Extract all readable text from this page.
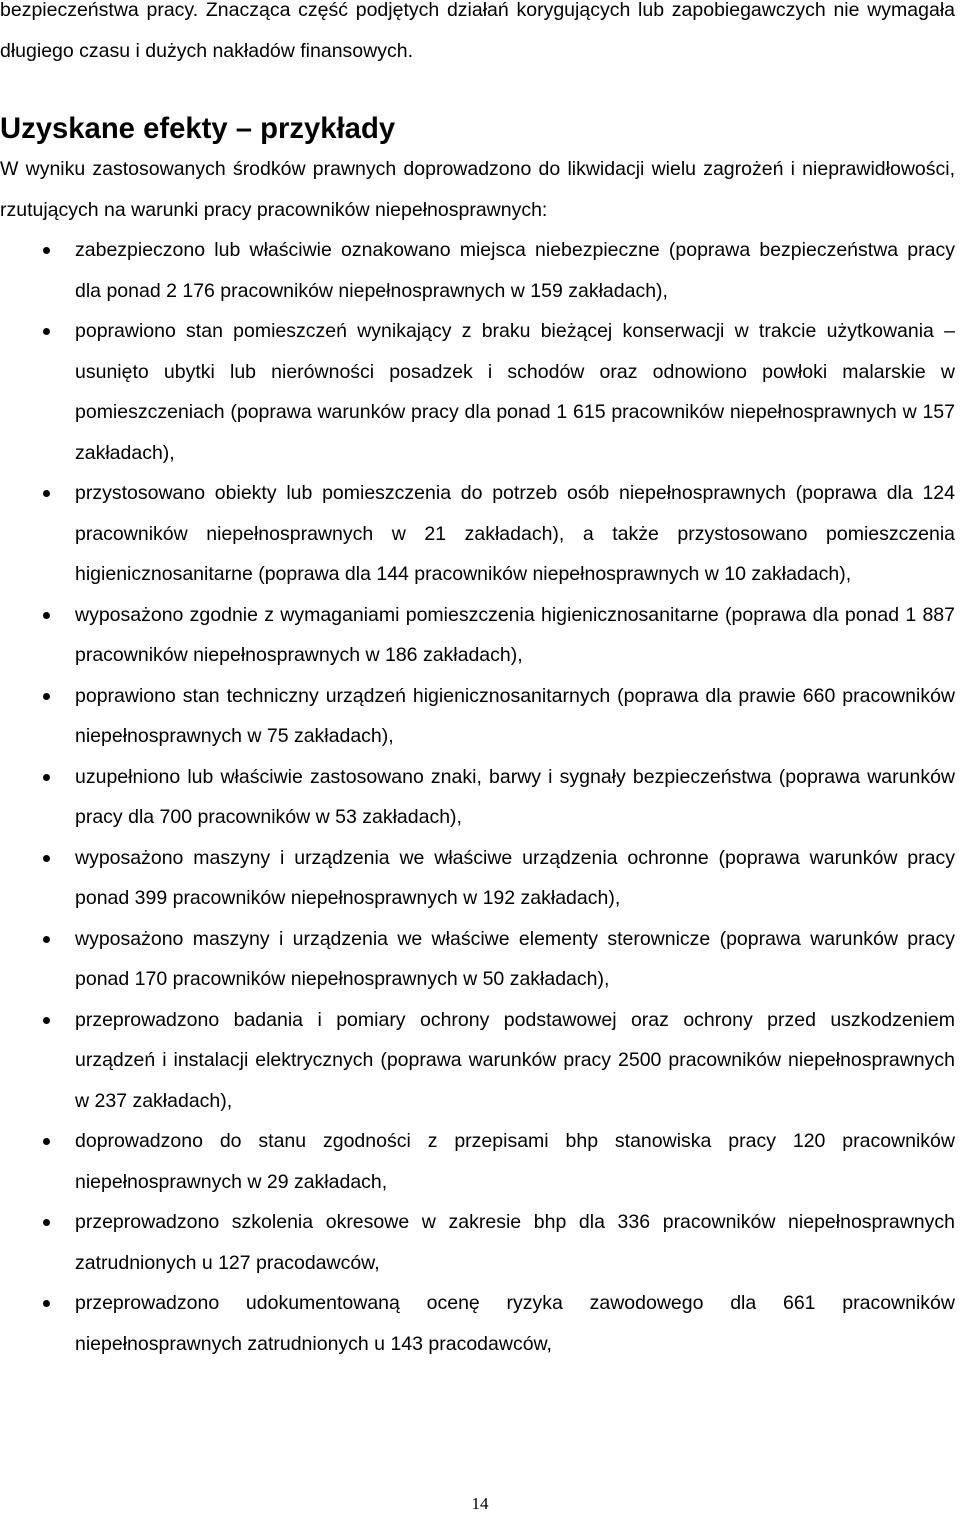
bezpieczeństwa pracy. Znacząca część podjętych działań korygujących lub zapobiegawczych nie wymagała długiego czasu i dużych nakładów finansowych.

Uzyskane efekty – przykłady

W wyniku zastosowanych środków prawnych doprowadzono do likwidacji wielu zagrożeń i nieprawidłowości, rzutujących na warunki pracy pracowników niepełnosprawnych:

zabezpieczono lub właściwie oznakowano miejsca niebezpieczne (poprawa bezpieczeństwa pracy dla ponad 2 176 pracowników niepełnosprawnych w 159 zakładach),
poprawiono stan pomieszczeń wynikający z braku bieżącej konserwacji w trakcie użytkowania – usunięto ubytki lub nierówności posadzek i schodów oraz odnowiono powłoki malarskie w pomieszczeniach (poprawa warunków pracy dla ponad 1 615 pracowników niepełnosprawnych w 157 zakładach),
przystosowano obiekty lub pomieszczenia do potrzeb osób niepełnosprawnych (poprawa dla 124 pracowników niepełnosprawnych w 21 zakładach), a także przystosowano pomieszczenia higienicznosanitarne (poprawa dla 144 pracowników niepełnosprawnych w 10 zakładach),
wyposażono zgodnie z wymaganiami pomieszczenia higienicznosanitarne (poprawa dla ponad 1 887 pracowników niepełnosprawnych w 186 zakładach),
poprawiono stan techniczny urządzeń higienicznosanitarnych (poprawa dla prawie 660 pracowników niepełnosprawnych w 75 zakładach),
uzupełniono lub właściwie zastosowano znaki, barwy i sygnały bezpieczeństwa (poprawa warunków pracy dla 700 pracowników w 53 zakładach),
wyposażono maszyny i urządzenia we właściwe urządzenia ochronne (poprawa warunków pracy ponad 399 pracowników niepełnosprawnych w 192 zakładach),
wyposażono maszyny i urządzenia we właściwe elementy sterownicze (poprawa warunków pracy ponad 170 pracowników niepełnosprawnych w 50 zakładach),
przeprowadzono badania i pomiary ochrony podstawowej oraz ochrony przed uszkodzeniem urządzeń i instalacji elektrycznych (poprawa warunków pracy 2500 pracowników niepełnosprawnych w 237 zakładach),
doprowadzono do stanu zgodności z przepisami bhp stanowiska pracy 120 pracowników niepełnosprawnych w 29 zakładach,
przeprowadzono szkolenia okresowe w zakresie bhp dla 336 pracowników niepełnosprawnych zatrudnionych u 127 pracodawców,
przeprowadzono udokumentowaną ocenę ryzyka zawodowego dla 661 pracowników niepełnosprawnych zatrudnionych u 143 pracodawców,
14
